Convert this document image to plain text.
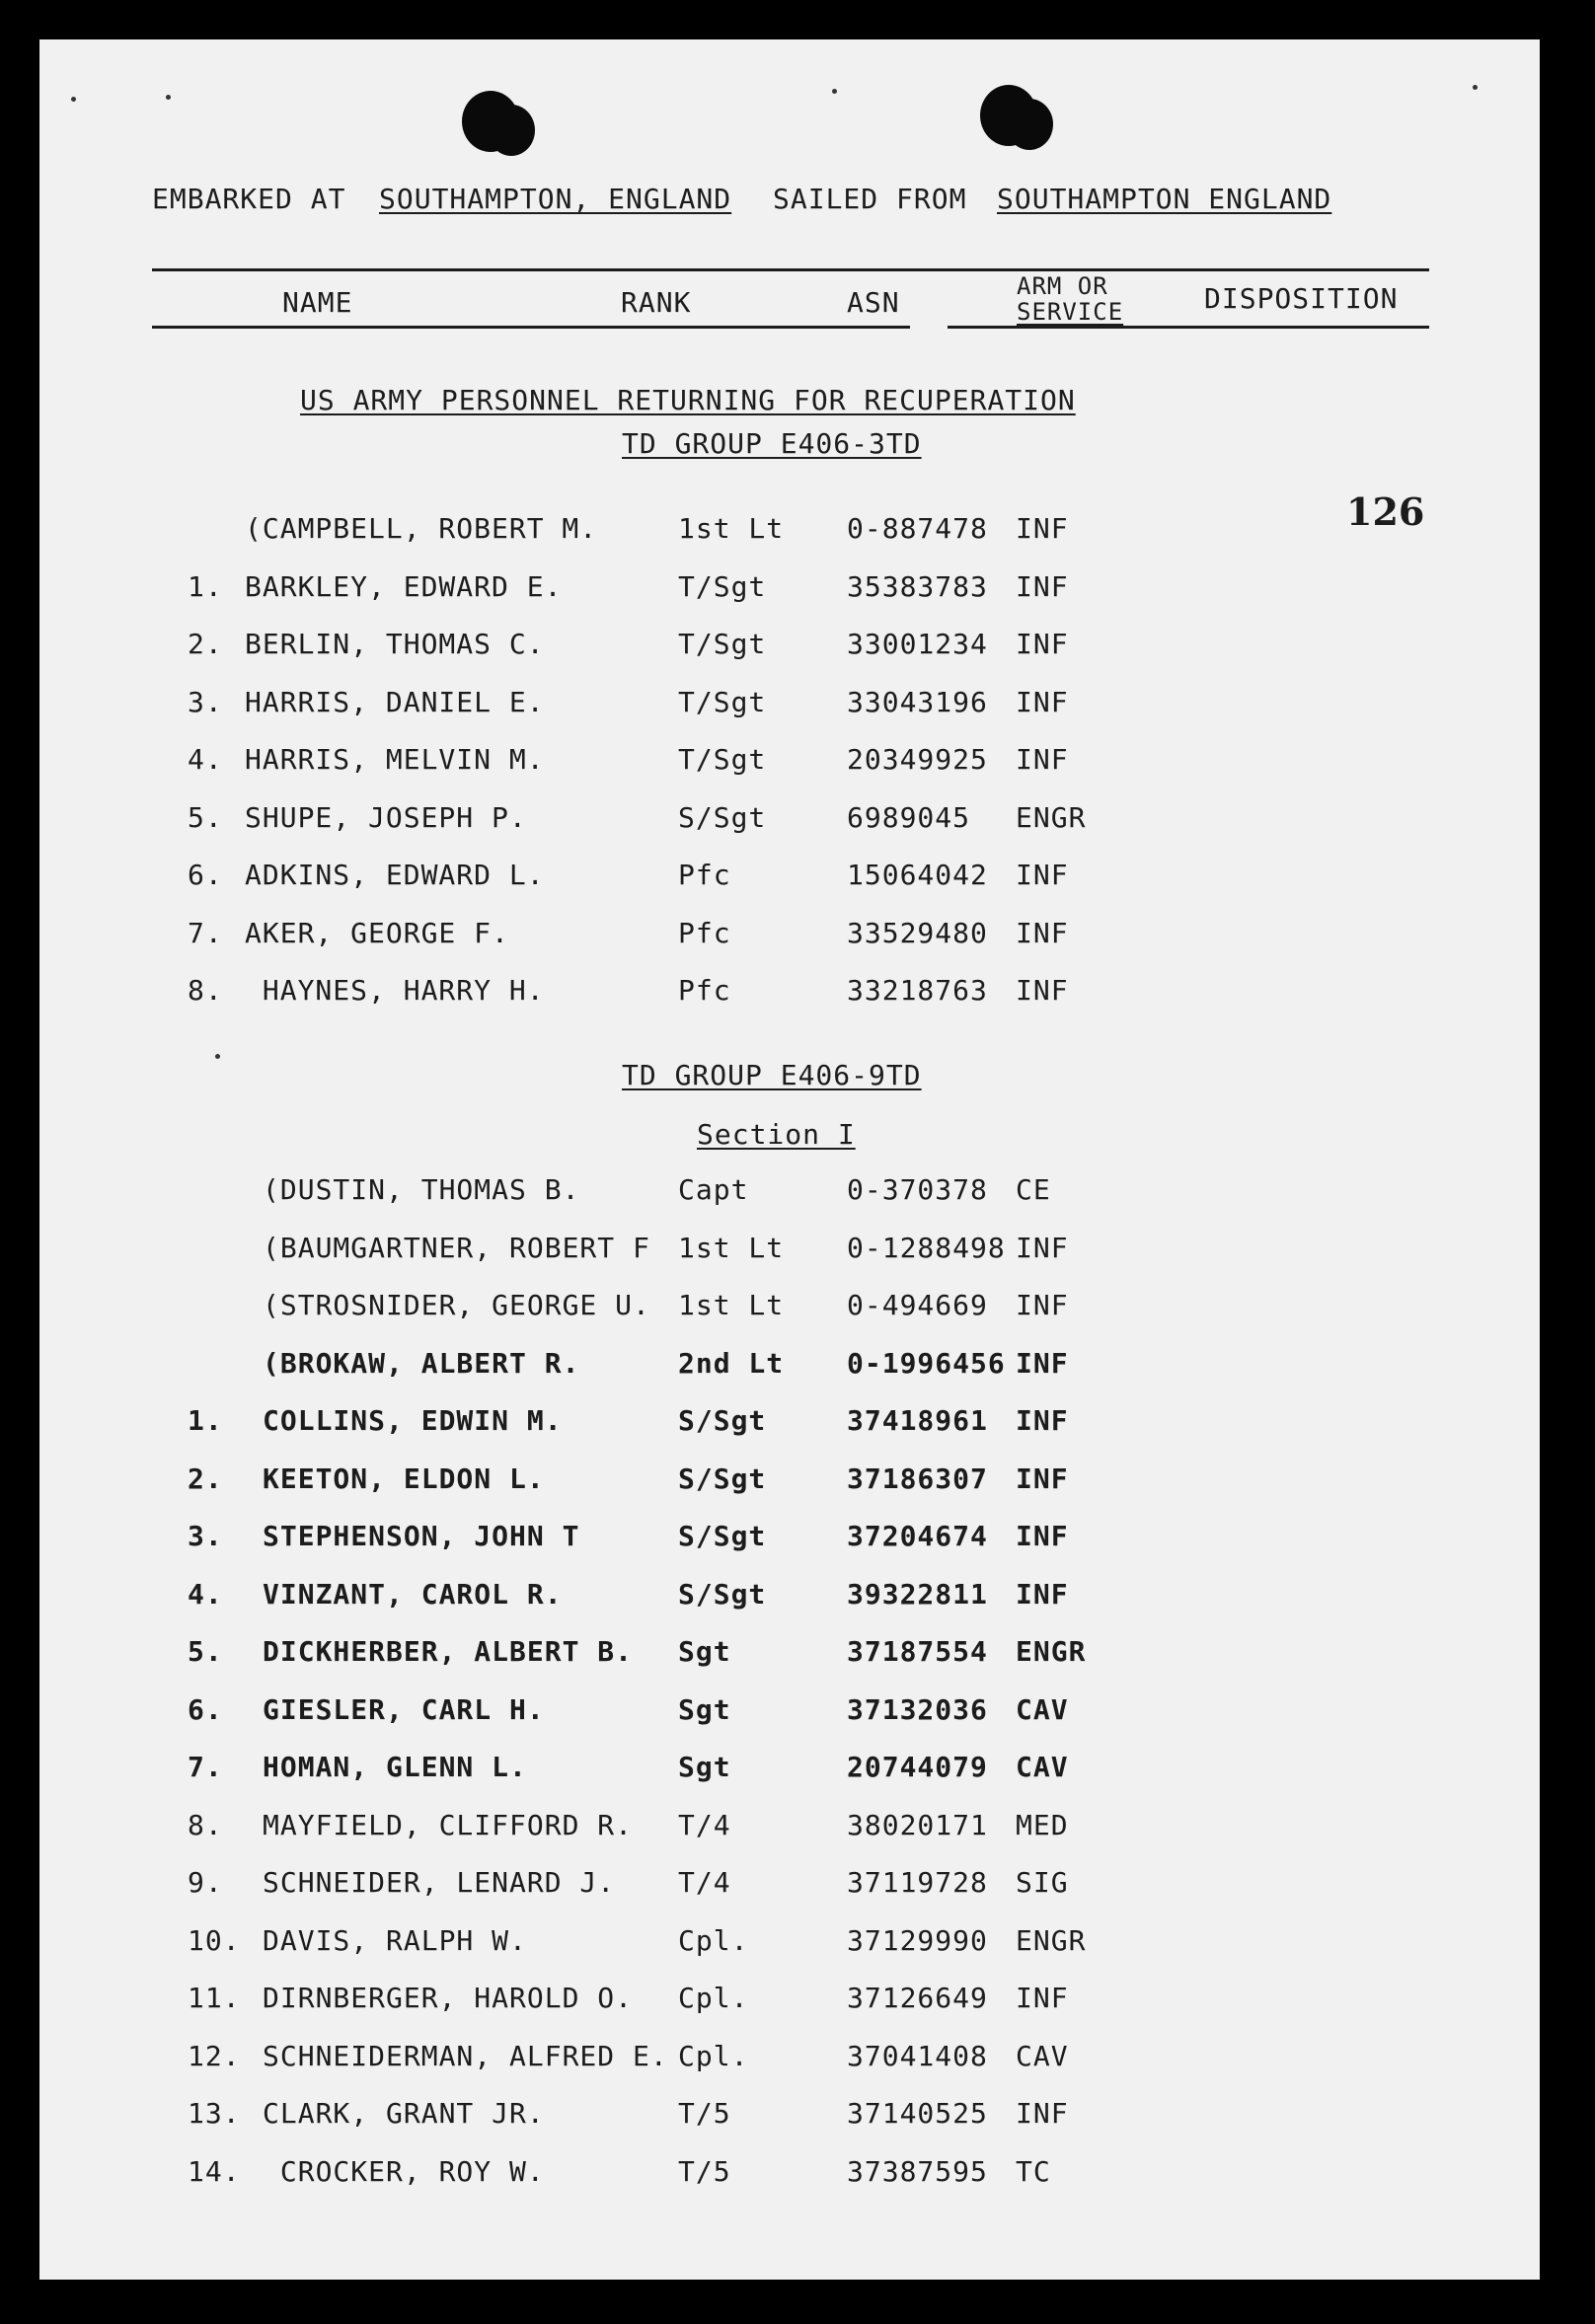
EMBARKED AT SOUTHAMPTON, ENGLAND SAILED FROM SOUTHAMPTON ENGLAND
NAME	RANK	ASN	ARM OR
SERVICE	DISPOSITION
126
US ARMY PERSONNEL RETURNING FOR RECUPERATION
TD GROUP E406-3TD
(CAMPBELL, ROBERT M.	1st Lt 0-887478 INF
1. BARKLEY, EDWARD E.	T/Sgt	35383783 INF
2. BERLIN, THOMAS C.	T/Sgt	33001234 INF
3. HARRIS, DANIEL E.	T/Sgt	33043196 INF
4. HARRIS, MELVIN M.	T/Sgt	20349925 INF
5. SHUPE, JOSEPH P.	S/Sgt	6989045 ENGR
6. ADKINS, EDWARD L.	Pfc	15064042 INF
7. AKER, GEORGE F.	Pfc	33529480 INF
8. HAYNES, HARRY H.	Pfc	33218763 INF
TD GROUP E406-9TD
Section I
(DUSTIN, THOMAS B.	Capt	0-370378 CE
(BAUMGARTNER, ROBERT F 1st Lt 0-1288498 INF
(STROSNIDER, GEORGE U. 1st Lt 0-494669 INF
(BROKAW, ALBERT R.	2nd Lt 0-1996456 INF
1. COLLINS, EDWIN M.	S/Sgt	37418961 INF
2. KEETON, ELDON L.	S/Sgt	37186307 INF
3. STEPHENSON, JOHN T	S/Sgt	37204674 INF
4. VINZANT, CAROL R.	S/Sgt	39322811 INF
5. DICKHERBER, ALBERT B. Sgt	37187554 ENGR
6. GIESLER, CARL H.	Sgt	37132036 CAV
7. HOMAN, GLENN L.	Sgt	20744079 CAV
8. MAYFIELD, CLIFFORD R. T/4	38020171 MED
9. SCHNEIDER, LENARD J. T/4	37119728 SIG
10. DAVIS, RALPH W.	Cpl.	37129990 ENGR
11. DIRNBERGER, HAROLD O. Cpl.	37126649 INF
12. SCHNEIDERMAN, ALFRED E. Cpl.	37041408 CAV
13. CLARK, GRANT JR.	T/5	37140525 INF
14. CROCKER, ROY W.	T/5	37387595 TC
